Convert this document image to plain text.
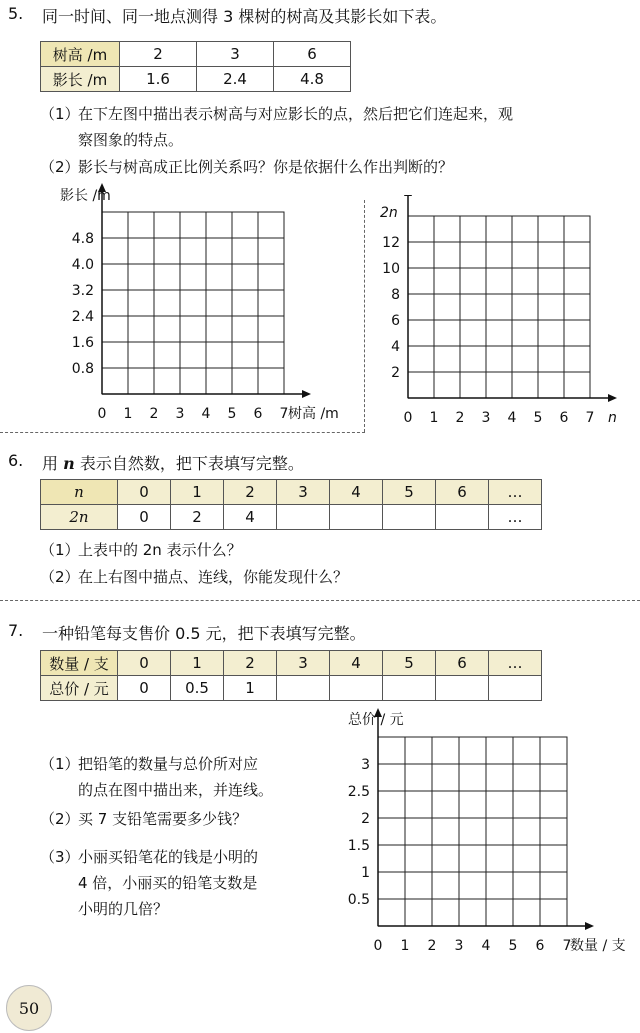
5. 同一时间、同一地点测得 3 棵树的树高及其影长如下表。
树高 /m	2	3	6
影长 /m	1.6	2.4	4.8
（1）
在下左图中描出表示树高与对应影长的点，然后把它们连起来，观
察图象的特点。
（2）
影长与树高成正比例关系吗？你是依据什么作出判断的？
0 1 2 3 4 5 6 7
0.8
1.6
2.4
3.2
4.0
4.8
影长 /m
树高 /m	0 1 2 3 4 5 6 7
2
4
6
8
10
12
2n
n
6. 用 n 表示自然数，把下表填写完整。
n	0	1	2	3	4	5	6	…
2n	0	2	4					…
（1）
上表中的 2n 表示什么？
（2）
在上右图中描点、连线，你能发现什么？
7. 一种铅笔每支售价 0.5 元，把下表填写完整。
数量 / 支	0	1	2	3	4	5	6	…
总价 / 元	0	0.5	1					
（1）
把铅笔的数量与总价所对应
的点在图中描出来，并连线。
（2）
买 7 支铅笔需要多少钱？
（3）
小丽买铅笔花的钱是小明的
4 倍，小丽买的铅笔支数是
小明的几倍？
0 1 2 3 4 5 6 7
0.5
1
1.5
2
2.5
3
总价 / 元
数量 / 支
50
